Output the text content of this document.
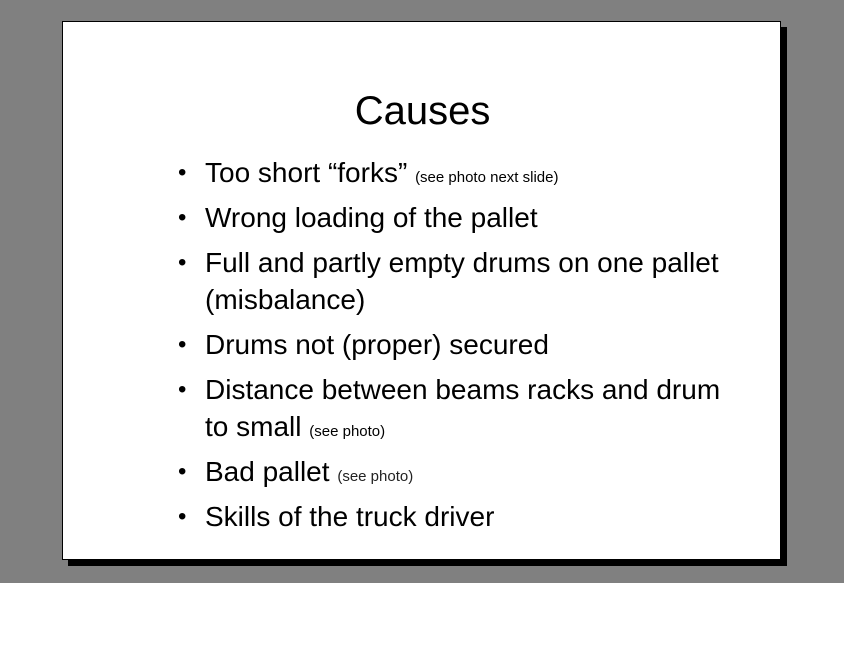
Causes
• Too short “forks” (see photo next slide)
• Wrong loading of the pallet
• Full and partly empty drums on one pallet (misbalance)
• Drums not (proper) secured
• Distance between beams racks and drum to small (see photo)
• Bad pallet (see photo)
• Skills of the truck driver
